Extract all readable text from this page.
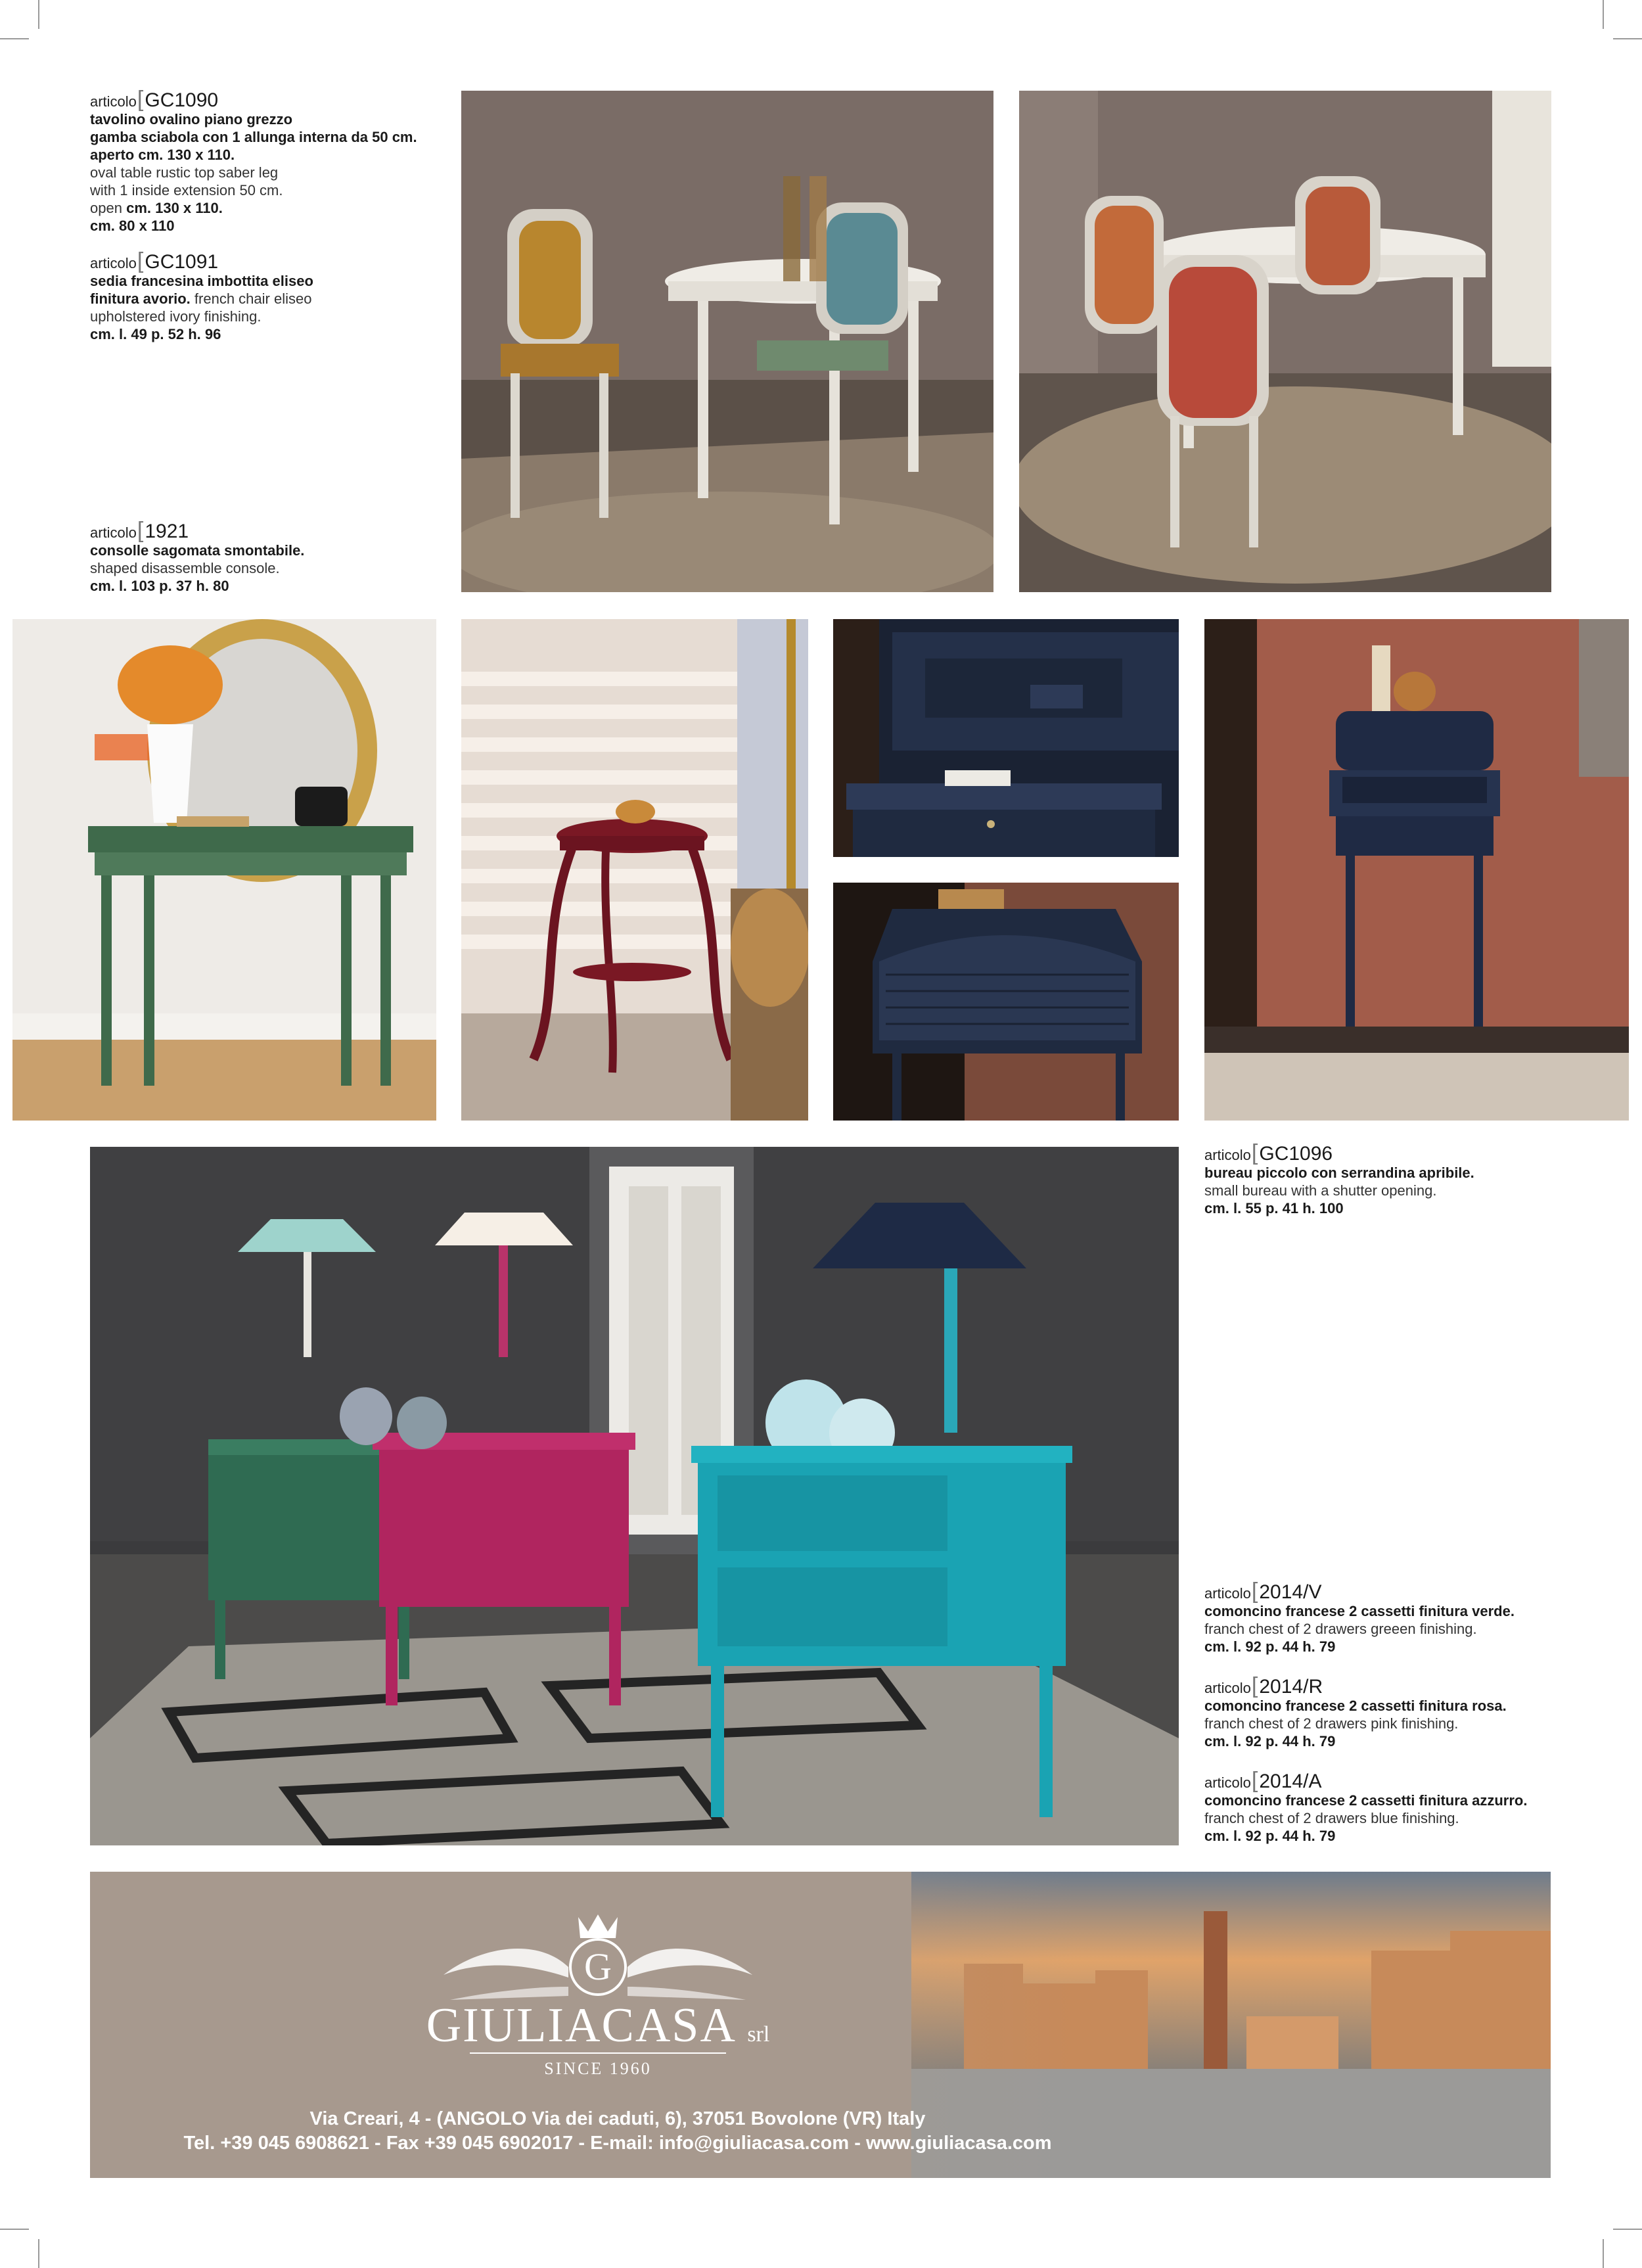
articolo[GC1090
tavolino ovalino piano grezzo
gamba sciabola con 1 allunga interna da 50 cm.
aperto cm. 130 x 110.
oval table rustic top saber leg
with 1 inside extension 50 cm.
open cm. 130 x 110.
cm. 80 x 110
articolo[GC1091
sedia francesina imbottita eliseo
finitura avorio. french chair eliseo
upholstered ivory finishing.
cm. l. 49 p. 52 h. 96
articolo[1921
consolle sagomata smontabile.
shaped disassemble console.
cm. l. 103 p. 37 h. 80
articolo[GC1096
bureau piccolo con serrandina apribile.
small bureau with a shutter opening.
cm. l. 55 p. 41 h. 100
articolo[2014/V
comoncino francese 2 cassetti finitura verde.
franch chest of 2 drawers greeen finishing.
cm. l. 92 p. 44 h. 79
articolo[2014/R
comoncino francese 2 cassetti finitura rosa.
franch chest of 2 drawers pink finishing.
cm. l. 92 p. 44 h. 79
articolo[2014/A
comoncino francese 2 cassetti finitura azzurro.
franch chest of 2 drawers blue finishing.
cm. l. 92 p. 44 h. 79
G
GIULIACASA srl
SINCE 1960
Via Creari, 4 - (ANGOLO Via dei caduti, 6), 37051 Bovolone (VR) Italy
Tel. +39 045 6908621 - Fax +39 045 6902017 - E-mail: info@giuliacasa.com - www.giuliacasa.com
